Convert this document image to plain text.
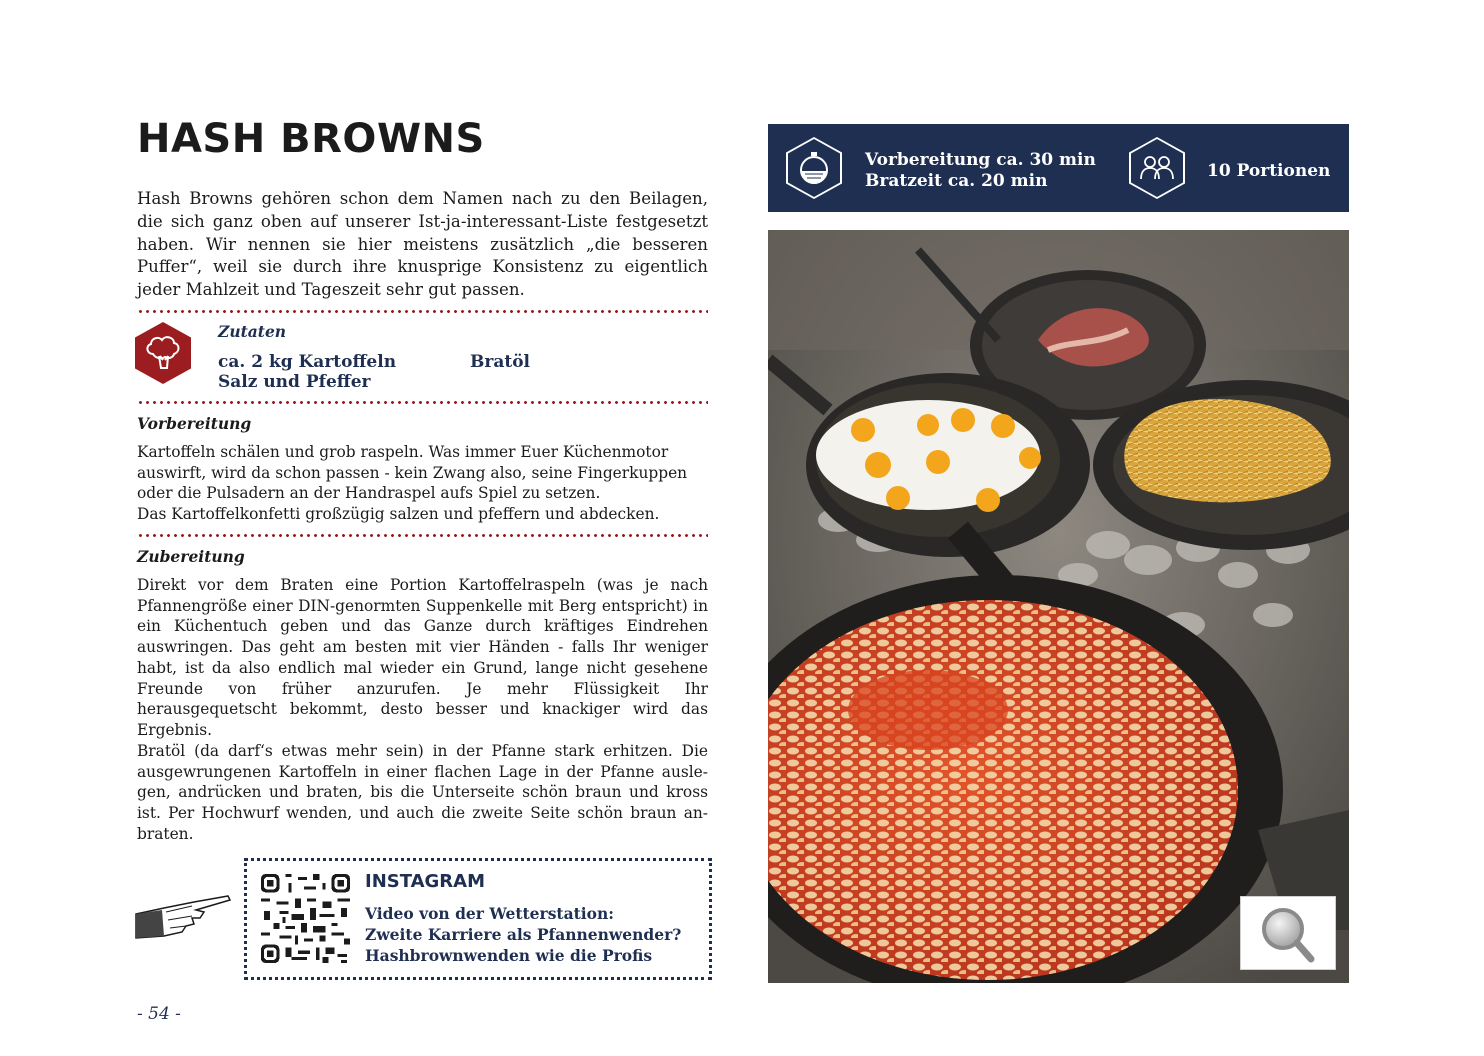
HASH BROWNS

Hash Browns gehören schon dem Namen nach zu den Beilagen, die sich ganz oben auf unserer Ist-ja-interessant-Liste festgesetzt haben. Wir nennen sie hier meistens zusätzlich „die besseren Puffer“, weil sie durch ihre knusprige Konsistenz zu eigentlich jeder Mahlzeit und Tageszeit sehr gut passen.

Zutaten
ca. 2 kg Kartoffeln	Bratöl
Salz und Pfeffer
Vorbereitung
Kartoffeln schälen und grob raspeln. Was immer Euer Küchenmotor
auswirft, wird da schon passen - kein Zwang also, seine Fingerkuppen
oder die Pulsadern an der Handraspel aufs Spiel zu setzen.
Das Kartoffelkonfetti großzügig salzen und pfeffern und abdecken.
Zubereitung

Direkt vor dem Braten eine Portion Kartoffelraspeln (was je nach Pfannengröße einer DIN-genormten Suppenkelle mit Berg entspricht) in ein Küchentuch geben und das Ganze durch kräftiges Eindrehen auswringen. Das geht am besten mit vier Händen - falls Ihr weniger habt, ist da also endlich mal wieder ein Grund, lange nicht gesehene Freunde von früher anzurufen. Je mehr Flüssigkeit Ihr herausgequetscht bekommt, desto besser und knackiger wird das Ergebnis.

Bratöl (da darf‘s etwas mehr sein) in der Pfanne stark erhitzen. Die ausgewrungenen Kartoffeln in einer flachen Lage in der Pfanne auslegen, andrücken und braten, bis die Unterseite schön braun und kross ist. Per Hochwurf wenden, und auch die zweite Seite schön braun anbraten.

INSTAGRAM
Video von der Wetterstation:
Zweite Karriere als Pfannenwender?
Hashbrownwenden wie die Profis
- 54 -
Vorbereitung ca. 30 min
Bratzeit ca. 20 min	10 Portionen
